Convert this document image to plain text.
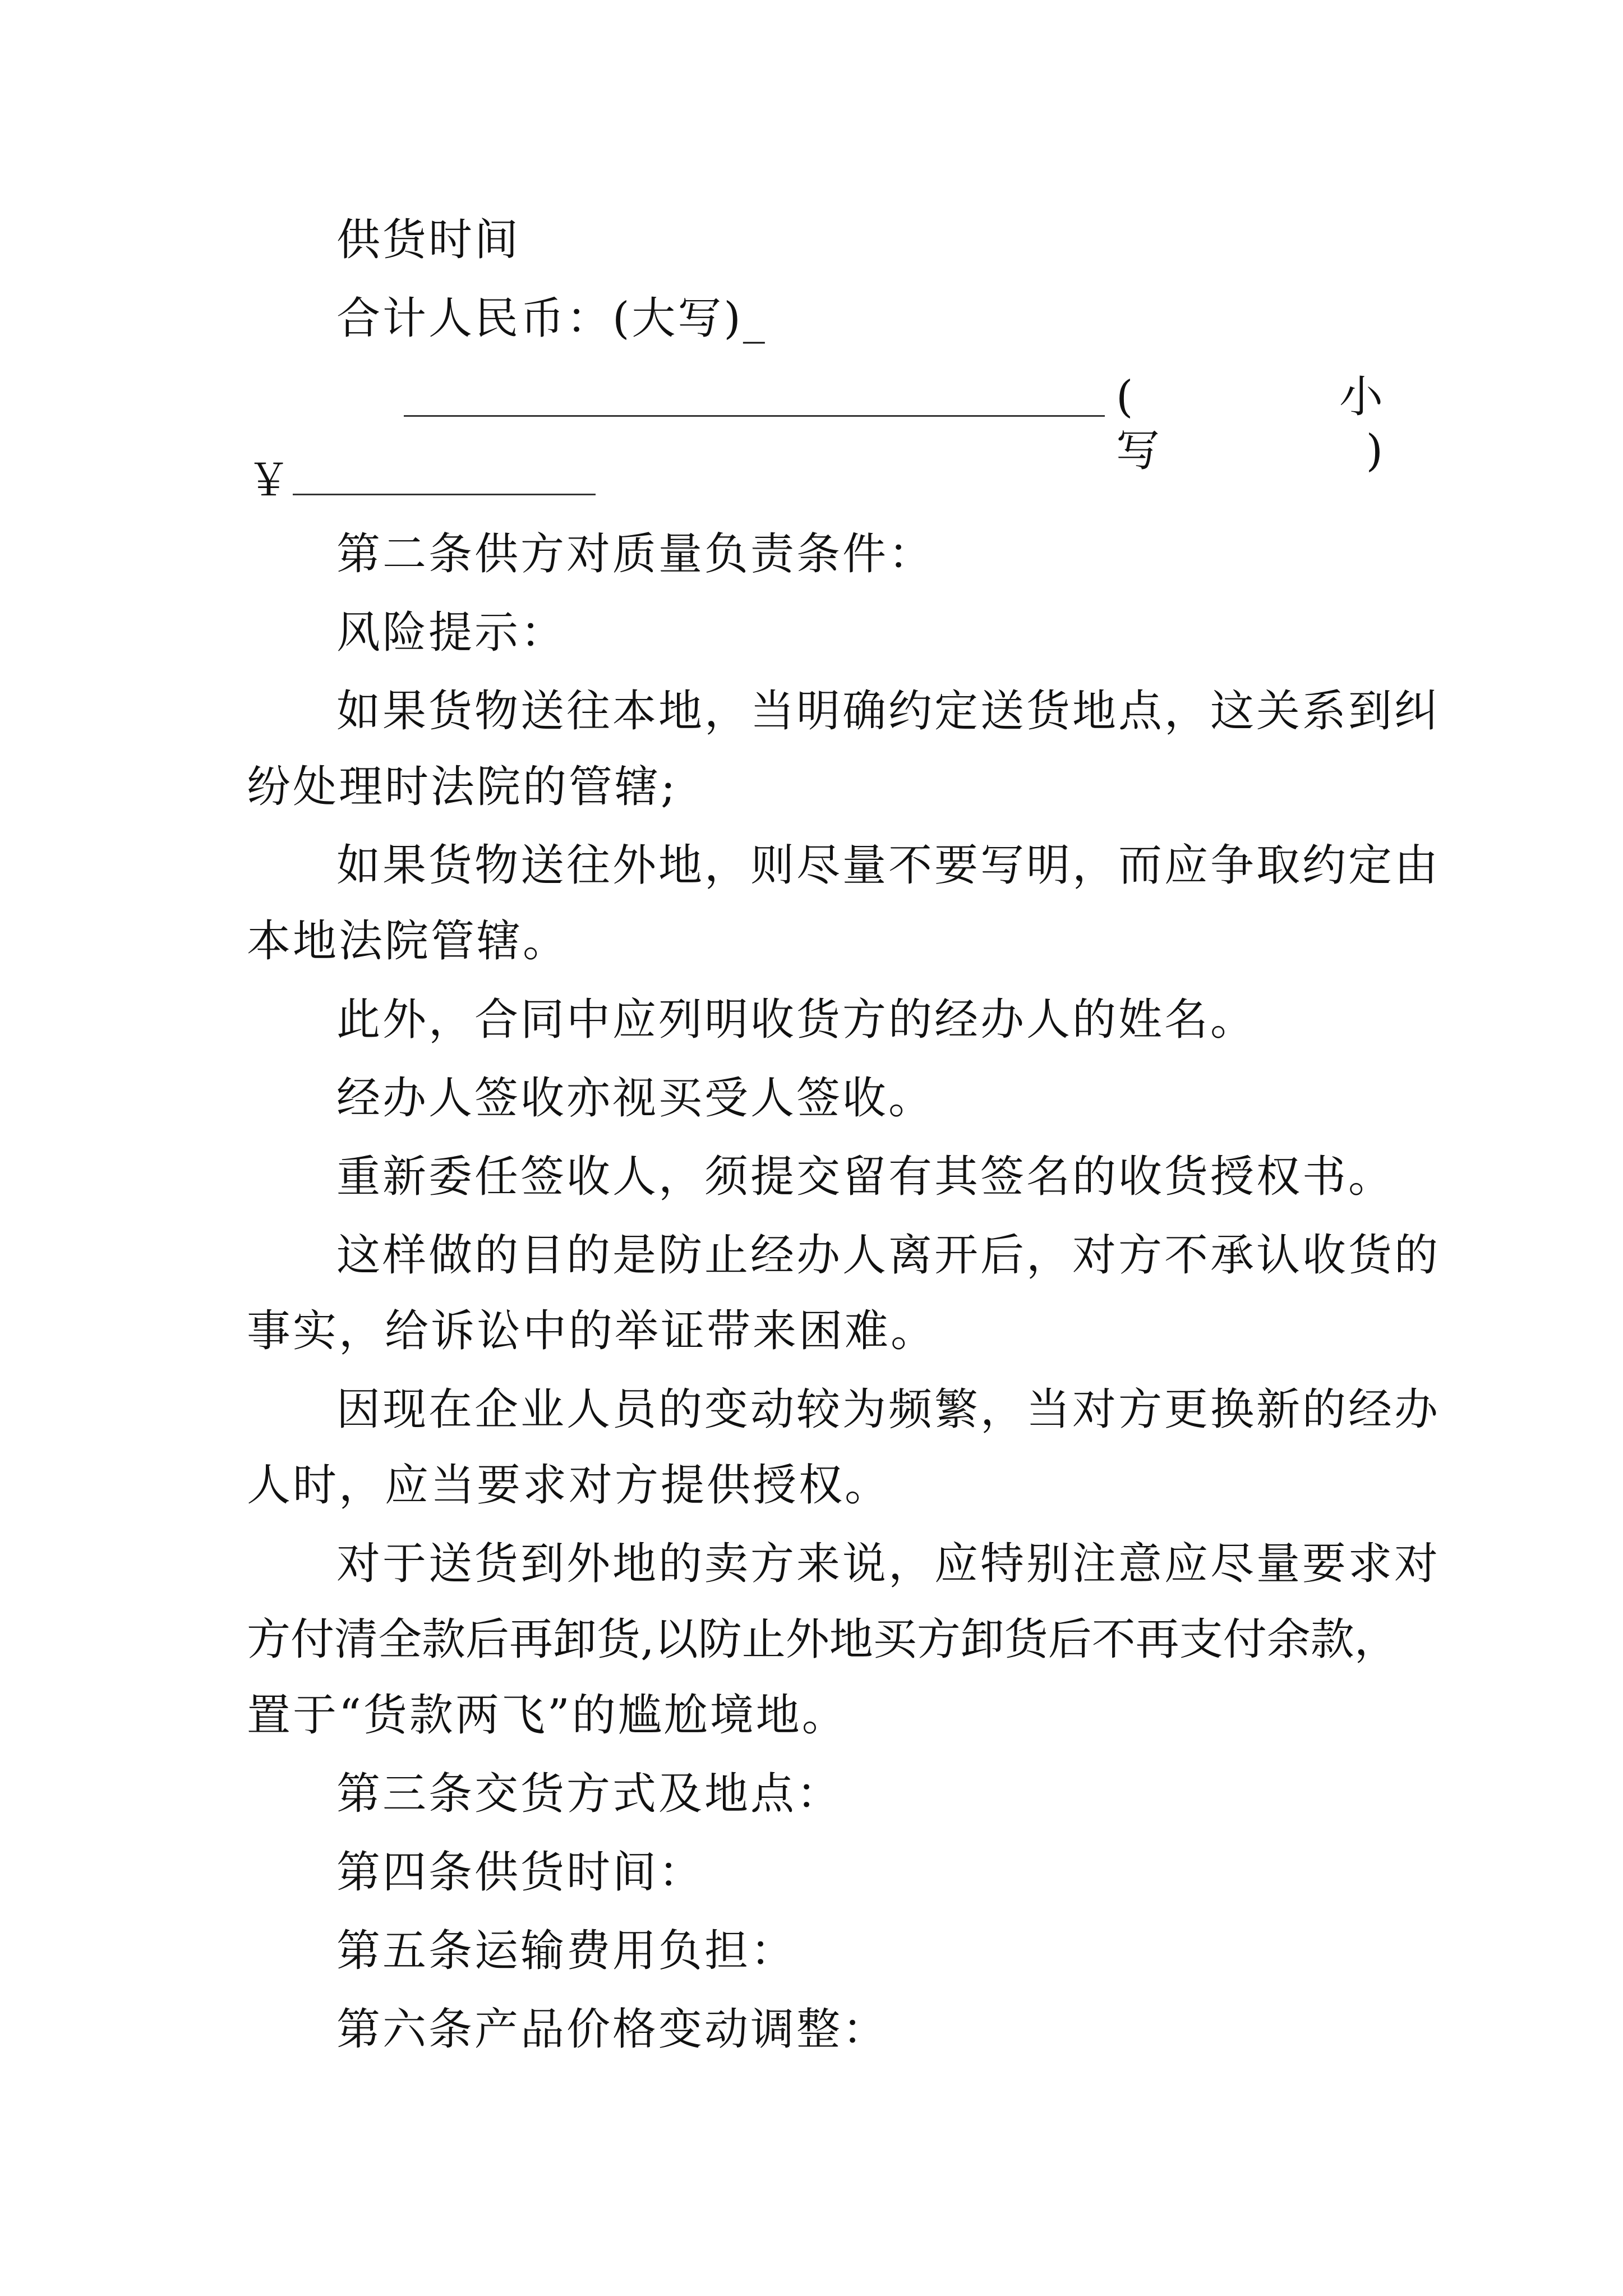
供货时间
合计人民币：(大写)_
(　　小　写　)
￥
第二条供方对质量负责条件：
风险提示：
如果货物送往本地，当明确约定送货地点，这关系到纠
纷处理时法院的管辖;
如果货物送往外地，则尽量不要写明，而应争取约定由
本地法院管辖。
此外，合同中应列明收货方的经办人的姓名。
经办人签收亦视买受人签收。
重新委任签收人，须提交留有其签名的收货授权书。
这样做的目的是防止经办人离开后，对方不承认收货的
事实，给诉讼中的举证带来困难。
因现在企业人员的变动较为频繁，当对方更换新的经办
人时，应当要求对方提供授权。
对于送货到外地的卖方来说，应特别注意应尽量要求对
方付清全款后再卸货,以防止外地买方卸货后不再支付余款，
置于“货款两飞”的尴尬境地。
第三条交货方式及地点：
第四条供货时间：
第五条运输费用负担：
第六条产品价格变动调整：
